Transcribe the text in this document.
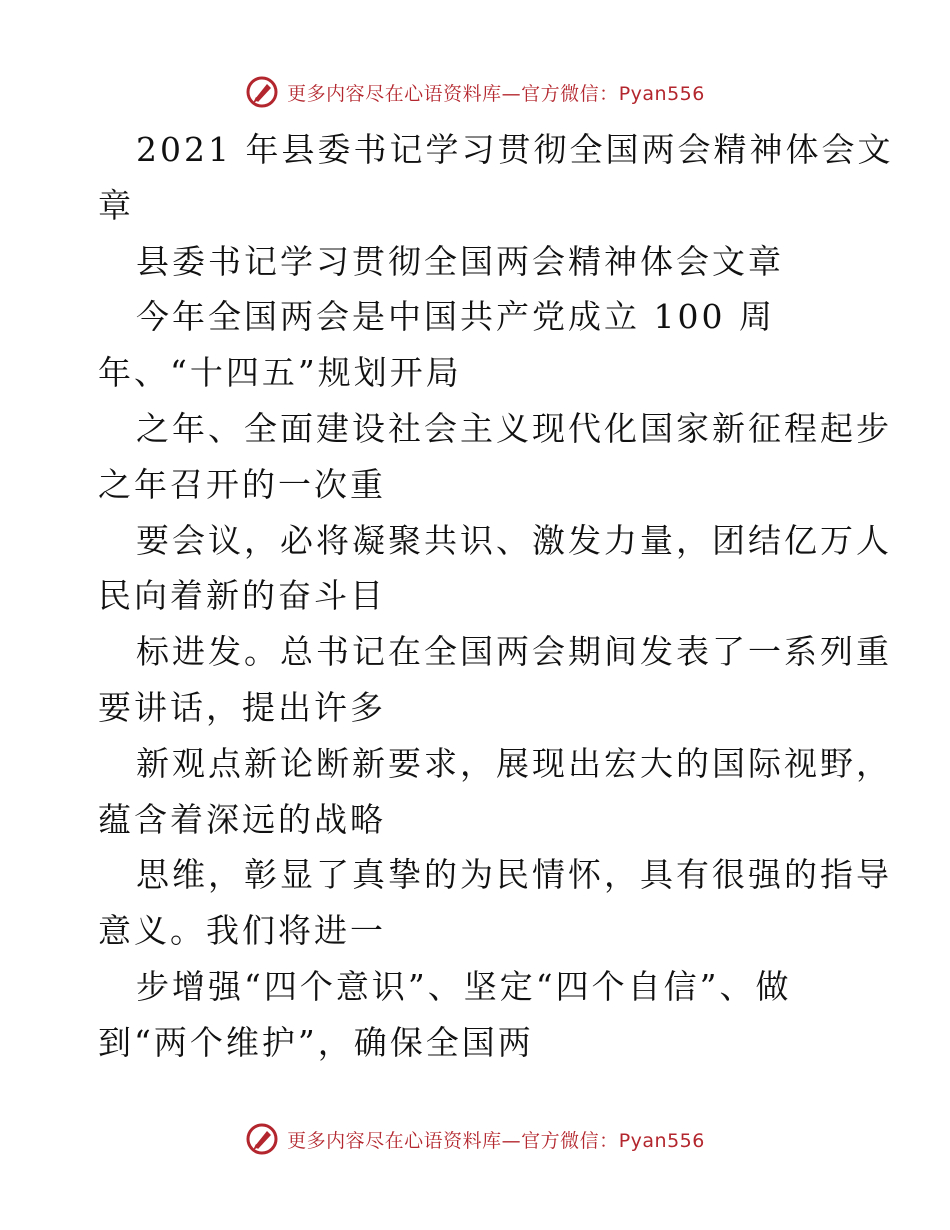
更多内容尽在心语资料库—官方微信：Pyan556
2021 年县委书记学习贯彻全国两会精神体会文
章
县委书记学习贯彻全国两会精神体会文章
今年全国两会是中国共产党成立 100 周
年、“十四五”规划开局
之年、全面建设社会主义现代化国家新征程起步
之年召开的一次重
要会议，必将凝聚共识、激发力量，团结亿万人
民向着新的奋斗目
标进发。总书记在全国两会期间发表了一系列重
要讲话，提出许多
新观点新论断新要求，展现出宏大的国际视野，
蕴含着深远的战略
思维，彰显了真挚的为民情怀，具有很强的指导
意义。我们将进一
步增强“四个意识”、坚定“四个自信”、做
到“两个维护”，确保全国两
更多内容尽在心语资料库—官方微信：Pyan556
